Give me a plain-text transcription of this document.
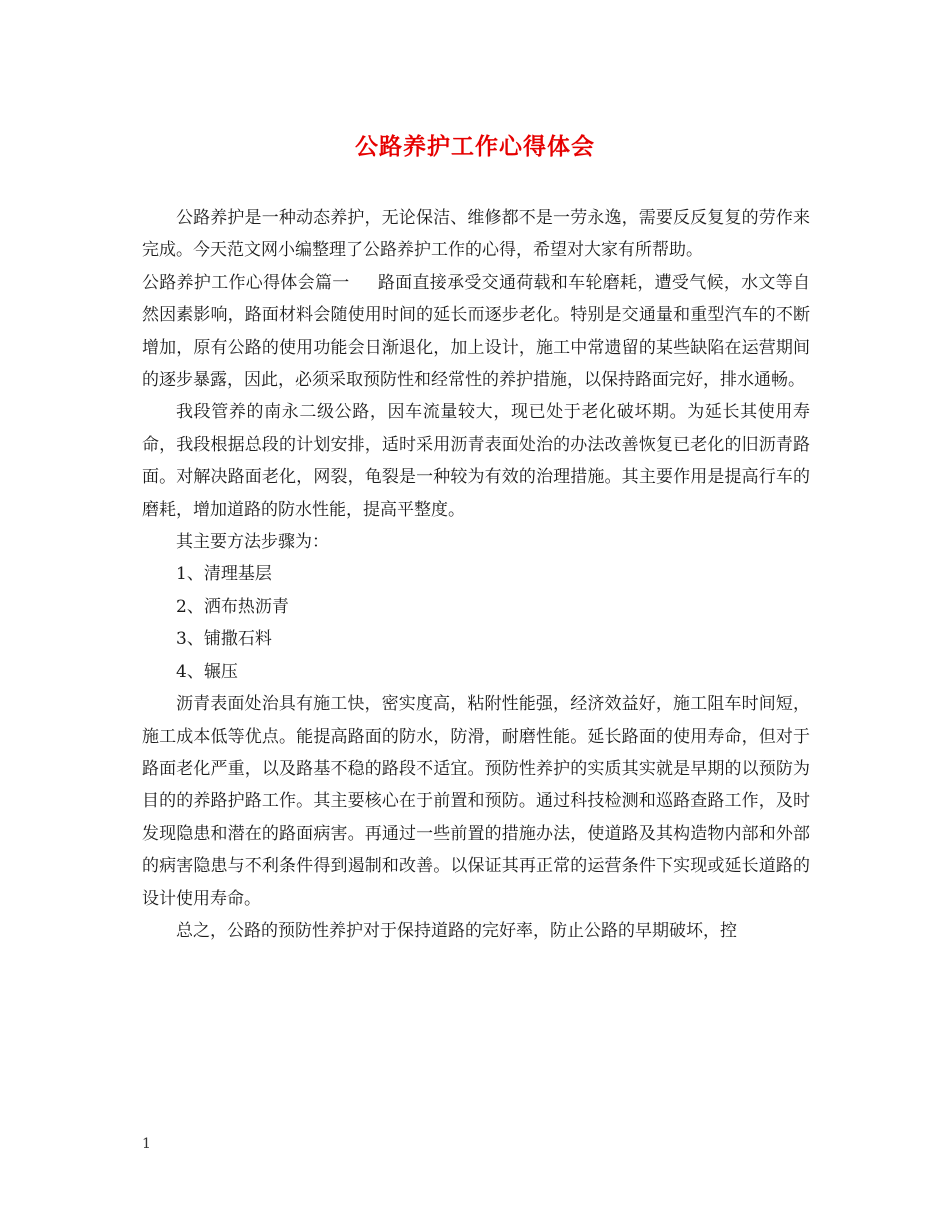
公路养护工作心得体会

公路养护是一种动态养护，无论保洁、维修都不是一劳永逸，需要反反复复的劳作来完成。今天范文网小编整理了公路养护工作的心得，希望对大家有所帮助。

公路养护工作心得体会篇一 路面直接承受交通荷载和车轮磨耗，遭受气候，水文等自然因素影响，路面材料会随使用时间的延长而逐步老化。特别是交通量和重型汽车的不断增加，原有公路的使用功能会日渐退化，加上设计，施工中常遗留的某些缺陷在运营期间的逐步暴露，因此，必须采取预防性和经常性的养护措施，以保持路面完好，排水通畅。

我段管养的南永二级公路，因车流量较大，现已处于老化破坏期。为延长其使用寿命，我段根据总段的计划安排，适时采用沥青表面处治的办法改善恢复已老化的旧沥青路面。对解决路面老化，网裂，龟裂是一种较为有效的治理措施。其主要作用是提高行车的磨耗，增加道路的防水性能，提高平整度。

其主要方法步骤为：

1、清理基层

2、洒布热沥青

3、铺撒石料

4、辗压

沥青表面处治具有施工快，密实度高，粘附性能强，经济效益好，施工阻车时间短，施工成本低等优点。能提高路面的防水，防滑，耐磨性能。延长路面的使用寿命，但对于路面老化严重，以及路基不稳的路段不适宜。预防性养护的实质其实就是早期的以预防为目的的养路护路工作。其主要核心在于前置和预防。通过科技检测和巡路查路工作，及时发现隐患和潜在的路面病害。再通过一些前置的措施办法，使道路及其构造物内部和外部的病害隐患与不利条件得到遏制和改善。以保证其再正常的运营条件下实现或延长道路的设计使用寿命。

总之，公路的预防性养护对于保持道路的完好率，防止公路的早期破坏，控

1
